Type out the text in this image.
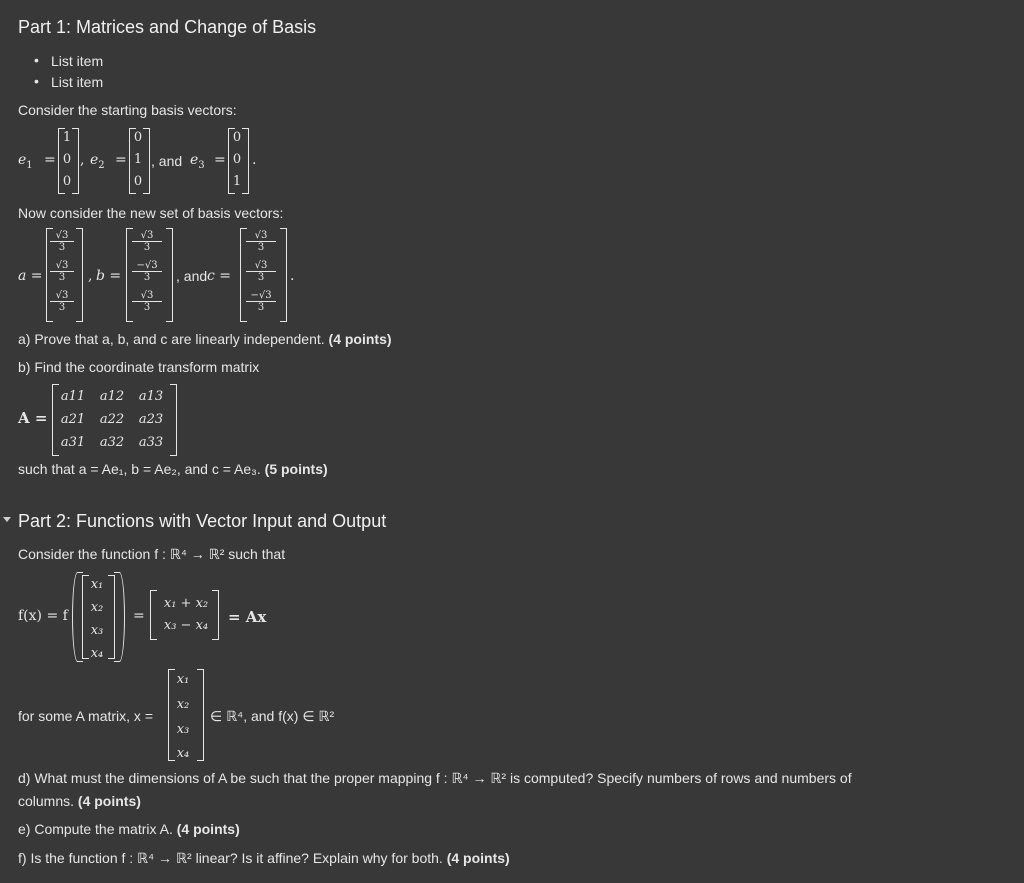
Part 1: Matrices and Change of Basis
• List item
• List item
Consider the starting basis vectors:
$e_1$ =
1
0
0
, $e_2$ =
0
1
0
, and $e_3$ =
0
0
1
.
Now consider the new set of basis vectors:
a =
$\frac{√3}{3}$
$\frac{√3}{3}$
$\frac{√3}{3}$
, b =
$\frac{√3}{3}$
$\frac{-√3}{3}$
$\frac{√3}{3}$
, and c =
$\frac{√3}{3}$
$\frac{√3}{3}$
$\frac{-√3}{3}$
.
a) Prove that a, b, and c are linearly independent. (4 points)
b) Find the coordinate transform matrix
A =
a11 a12 a13
a21 a22 a23
a31 a32 a33
such that a = Ae₁, b = Ae₂, and c = Ae₃. (5 points)
Part 2: Functions with Vector Input and Output
Consider the function f : ℝ⁴ → ℝ² such that
f(x) = f
x₁
x₂
x₃
x₄
=
x₁ + x₂
x₃ − x₄	= Ax
for some A matrix, x =
x₁
x₂
x₃
x₄
∈ ℝ⁴, and f(x) ∈ ℝ²
d) What must the dimensions of A be such that the proper mapping f : ℝ⁴ → ℝ² is computed? Specify numbers of rows and numbers of
columns. (4 points)
e) Compute the matrix A. (4 points)
f) Is the function f : ℝ⁴ → ℝ² linear? Is it affine? Explain why for both. (4 points)
